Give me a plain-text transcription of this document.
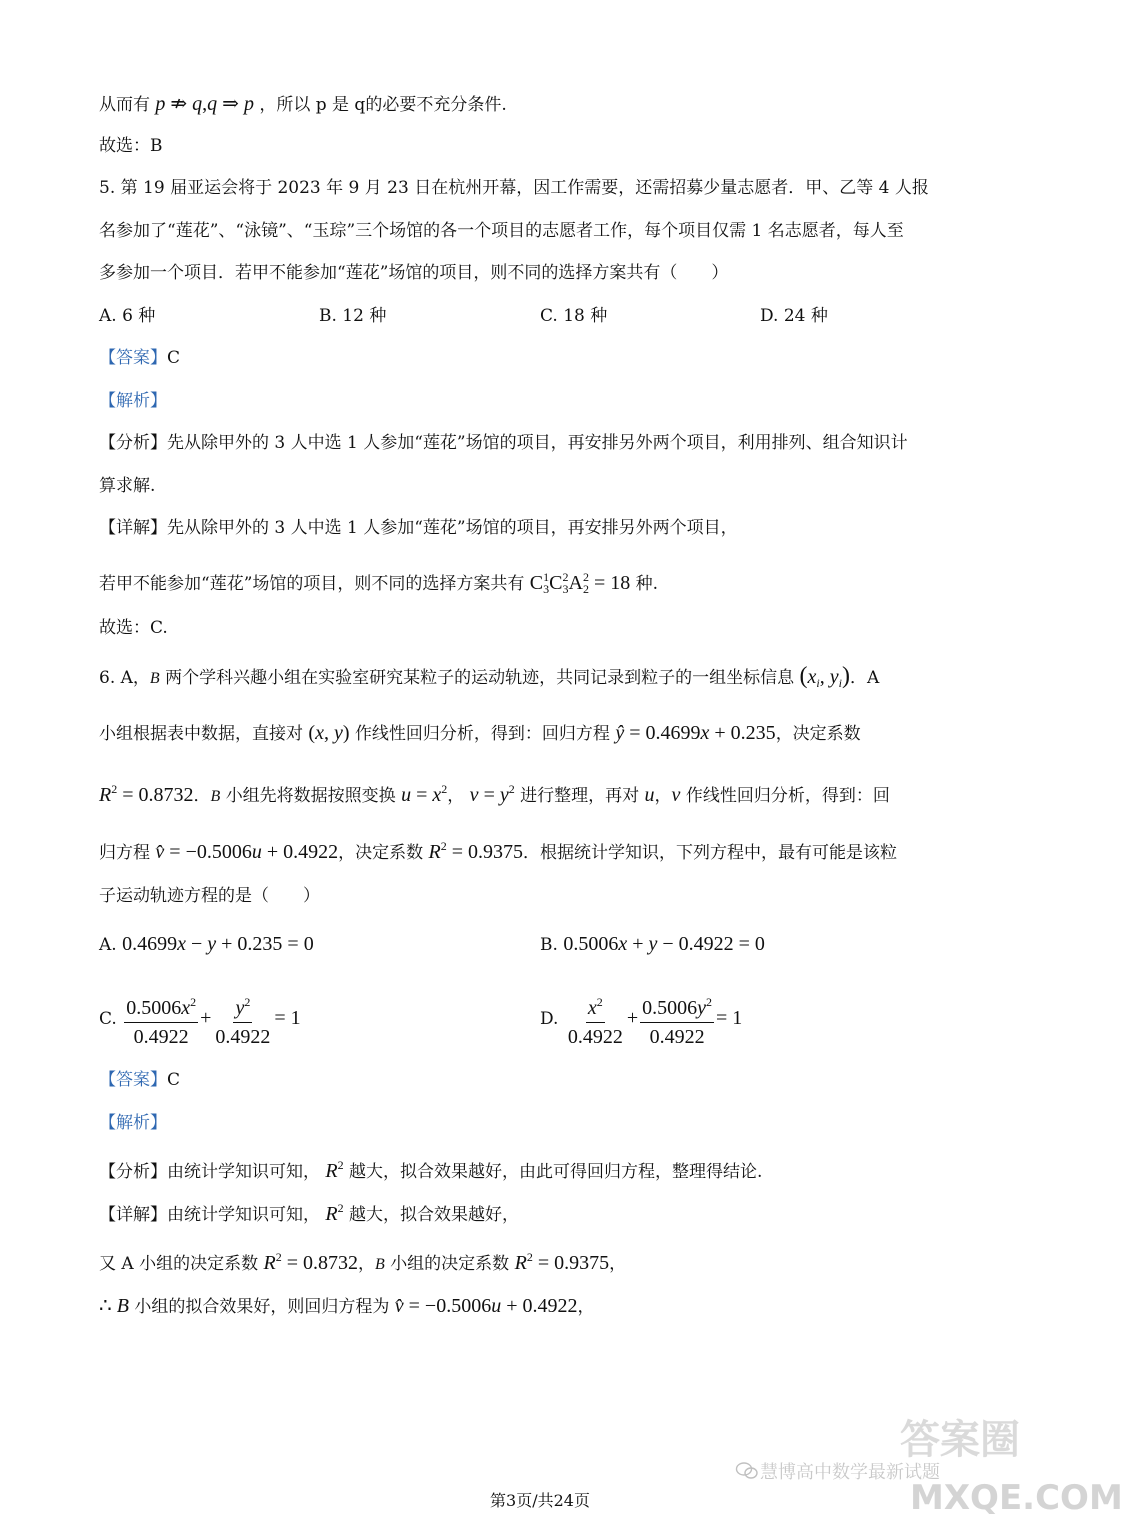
从而有 p ⇏ q,q ⇒ p ，所以 p 是 q的必要不充分条件.
故选：B
5. 第 19 届亚运会将于 2023 年 9 月 23 日在杭州开幕，因工作需要，还需招募少量志愿者．甲、乙等 4 人报
名参加了“莲花”、“泳镜”、“玉琮”三个场馆的各一个项目的志愿者工作，每个项目仅需 1 名志愿者，每人至
多参加一个项目．若甲不能参加“莲花”场馆的项目，则不同的选择方案共有（　　）
A. 6 种	B. 12 种	C. 18 种	D. 24 种
【答案】C
【解析】
【分析】先从除甲外的 3 人中选 1 人参加“莲花”场馆的项目，再安排另外两个项目，利用排列、组合知识计
算求解.
【详解】先从除甲外的 3 人中选 1 人参加“莲花”场馆的项目，再安排另外两个项目，
若甲不能参加“莲花”场馆的项目，则不同的选择方案共有 $C^1_3C^2_3A^2_2 = 18$ 种.
故选：C.
6. A，B 两个学科兴趣小组在实验室研究某粒子的运动轨迹，共同记录到粒子的一组坐标信息 ($x_i$, $y_i$)．A
小组根据表中数据，直接对 (x, y) 作线性回归分析，得到：回归方程 ŷ = 0.4699x + 0.235，决定系数
$R^2 = 0.8732$．B 小组先将数据按照变换 $u = x^2$， $v = y^2$ 进行整理，再对 u，v 作线性回归分析，得到：回
归方程 v̂ = −0.5006u + 0.4922，决定系数 $R^2 = 0.9375$．根据统计学知识，下列方程中，最有可能是该粒
子运动轨迹方程的是（　　）
A. 0.4699x − y + 0.235 = 0	B. 0.5006x + y − 0.4922 = 0
C. $\frac{0.5006x^2}{0.4922} + \frac{y^2}{0.4922} = 1$	D. $\frac{x^2}{0.4922} + \frac{0.5006y^2}{0.4922} = 1$
【答案】C
【解析】
【分析】由统计学知识可知， $R^2$ 越大，拟合效果越好，由此可得回归方程，整理得结论.
【详解】由统计学知识可知， $R^2$ 越大，拟合效果越好，
又 A 小组的决定系数 $R^2 = 0.8732$，B 小组的决定系数 $R^2 = 0.9375$，
∴ B 小组的拟合效果好，则回归方程为 v̂ = −0.5006u + 0.4922，
慧博高中数学最新试题
答案圈
MXQE.COM
第3页/共24页
